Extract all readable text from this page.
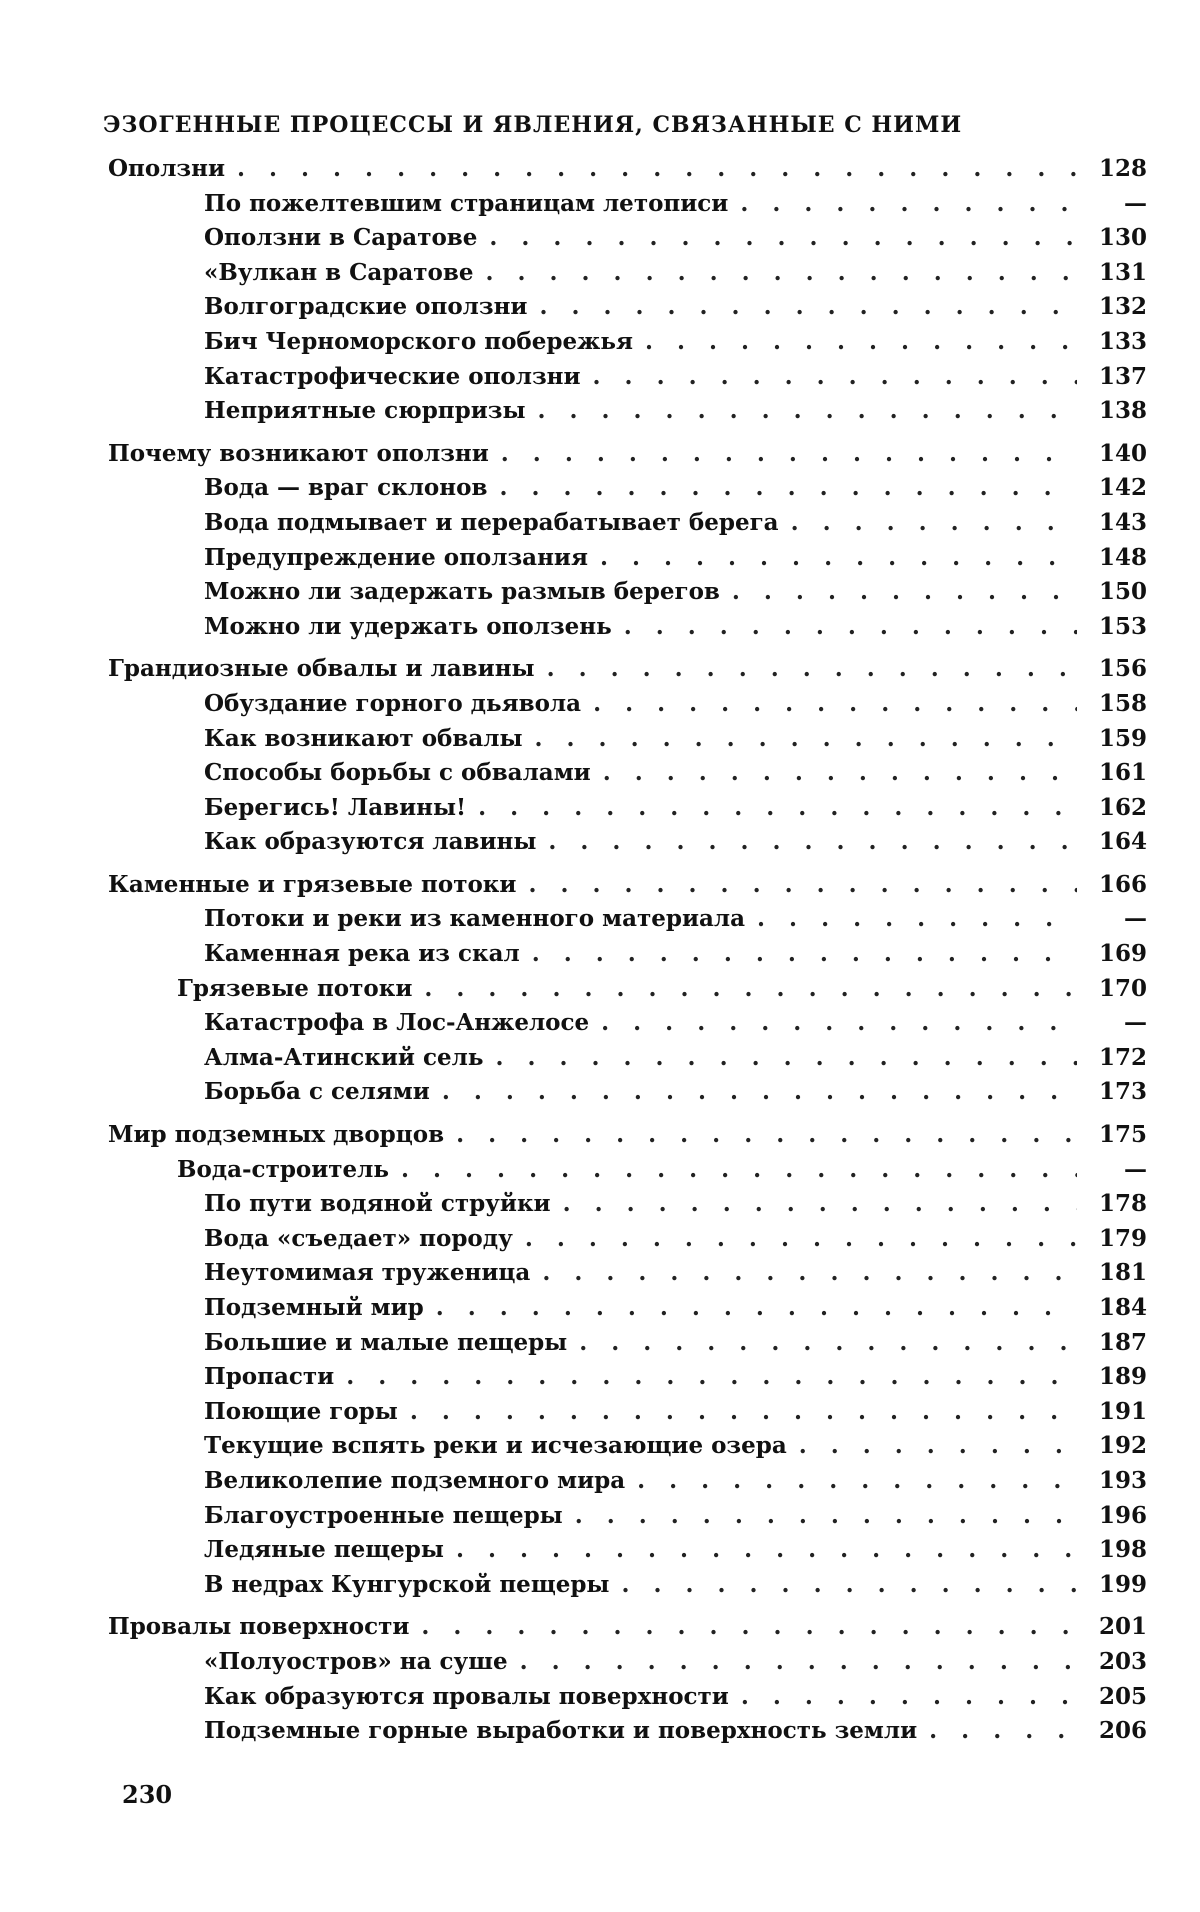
ЭЗОГЕННЫЕ ПРОЦЕССЫ И ЯВЛЕНИЯ, СВЯЗАННЫЕ С НИМИ
Оползни . . .	128
По пожелтевшим страницам летописи . . .	—
Оползни в Саратове . . .	130
«Вулкан в Саратове . . .	131
Волгоградские оползни . . .	132
Бич Черноморского побережья . . .	133
Катастрофические оползни . . .	137
Неприятные сюрпризы . . .	138
Почему возникают оползни . . .	140
Вода — враг склонов . . .	142
Вода подмывает и перерабатывает берега . . .	143
Предупреждение оползания . . .	148
Можно ли задержать размыв берегов . . .	150
Можно ли удержать оползень . . .	153
Грандиозные обвалы и лавины . . .	156
Обуздание горного дьявола . . .	158
Как возникают обвалы . . .	159
Способы борьбы с обвалами . . .	161
Берегись! Лавины! . . .	162
Как образуются лавины . . .	164
Каменные и грязевые потоки . . .	166
Потоки и реки из каменного материала . . .	—
Каменная река из скал . . .	169
Грязевые потоки . . .	170
Катастрофа в Лос-Анжелосе . . .	—
Алма-Атинский сель . . .	172
Борьба с селями . . .	173
Мир подземных дворцов . . .	175
Вода-строитель . . .	—
По пути водяной струйки . . .	178
Вода «съедает» породу . . .	179
Неутомимая труженица . . .	181
Подземный мир . . .	184
Большие и малые пещеры . . .	187
Пропасти . . .	189
Поющие горы . . .	191
Текущие вспять реки и исчезающие озера . . .	192
Великолепие подземного мира . . .	193
Благоустроенные пещеры . . .	196
Ледяные пещеры . . .	198
В недрах Кунгурской пещеры . . .	199
Провалы поверхности . . .	201
«Полуостров» на суше . . .	203
Как образуются провалы поверхности . . .	205
Подземные горные выработки и поверхность земли . . .	206
230
